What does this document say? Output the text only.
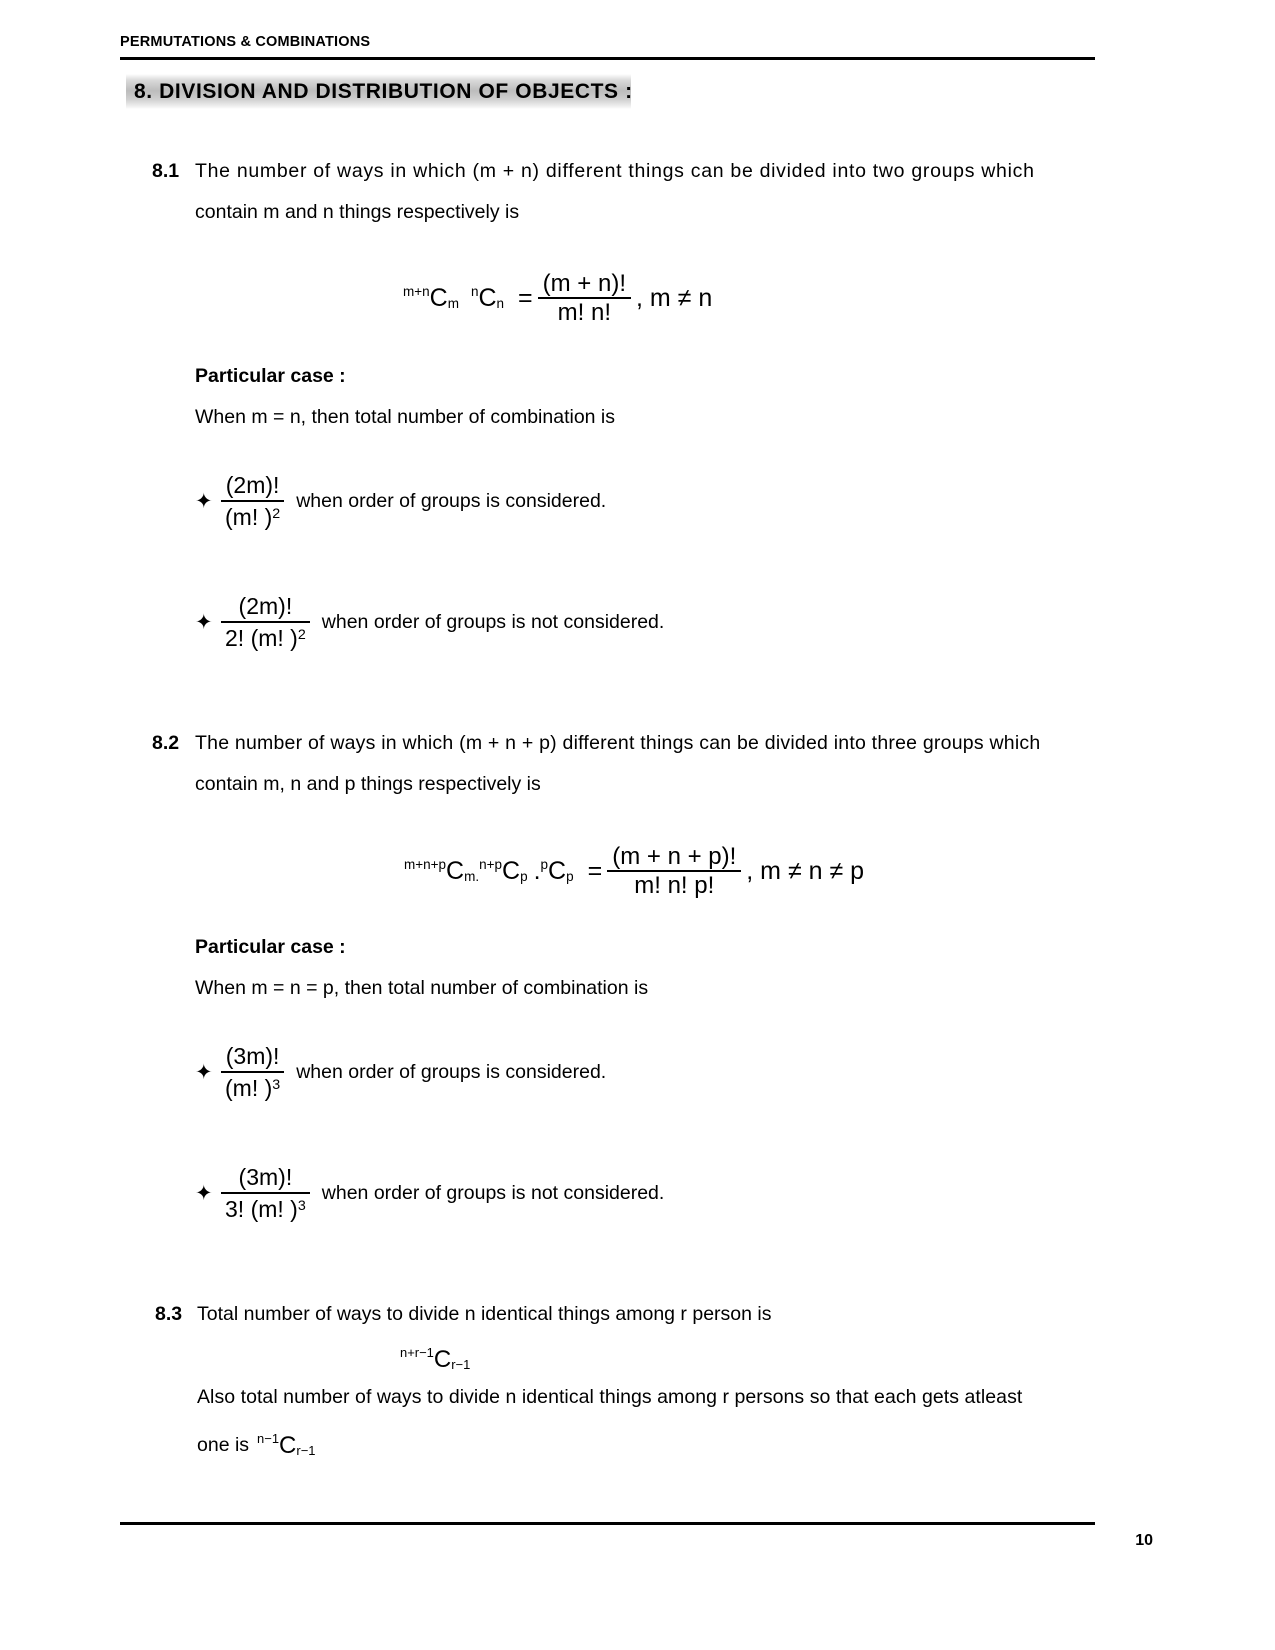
PERMUTATIONS & COMBINATIONS
8. DIVISION AND DISTRIBUTION OF OBJECTS :
8.1 The number of ways in which (m + n) different things can be divided into two groups which
contain m and n things respectively is
m+n C m
n C $n = \frac{(m + n)!}{m! n!}$ , m ≠ n
Particular case :
When m = n, then total number of combination is
✦ $\frac{(2m)!}{(m! )^2}$ when order of groups is considered.
✦ $\frac{(2m)!}{2! (m! )^2}$ when order of groups is not considered.
8.2 The number of ways in which (m + n + p) different things can be divided into three groups which
contain m, n and p things respectively is
m+n+p C m.
n+p C p . p C $p = \frac{(m + n + p)!}{m! n! p!}$ , m ≠ n ≠ p
Particular case :
When m = n = p, then total number of combination is
✦ $\frac{(3m)!}{(m! )^3}$ when order of groups is considered.
✦ $\frac{(3m)!}{3! (m! )^3}$ when order of groups is not considered.
8.3 Total number of ways to divide n identical things among r person is
n+r−1 C r−1
Also total number of ways to divide n identical things among r persons so that each gets atleast
one is n−1 C r−1
10
